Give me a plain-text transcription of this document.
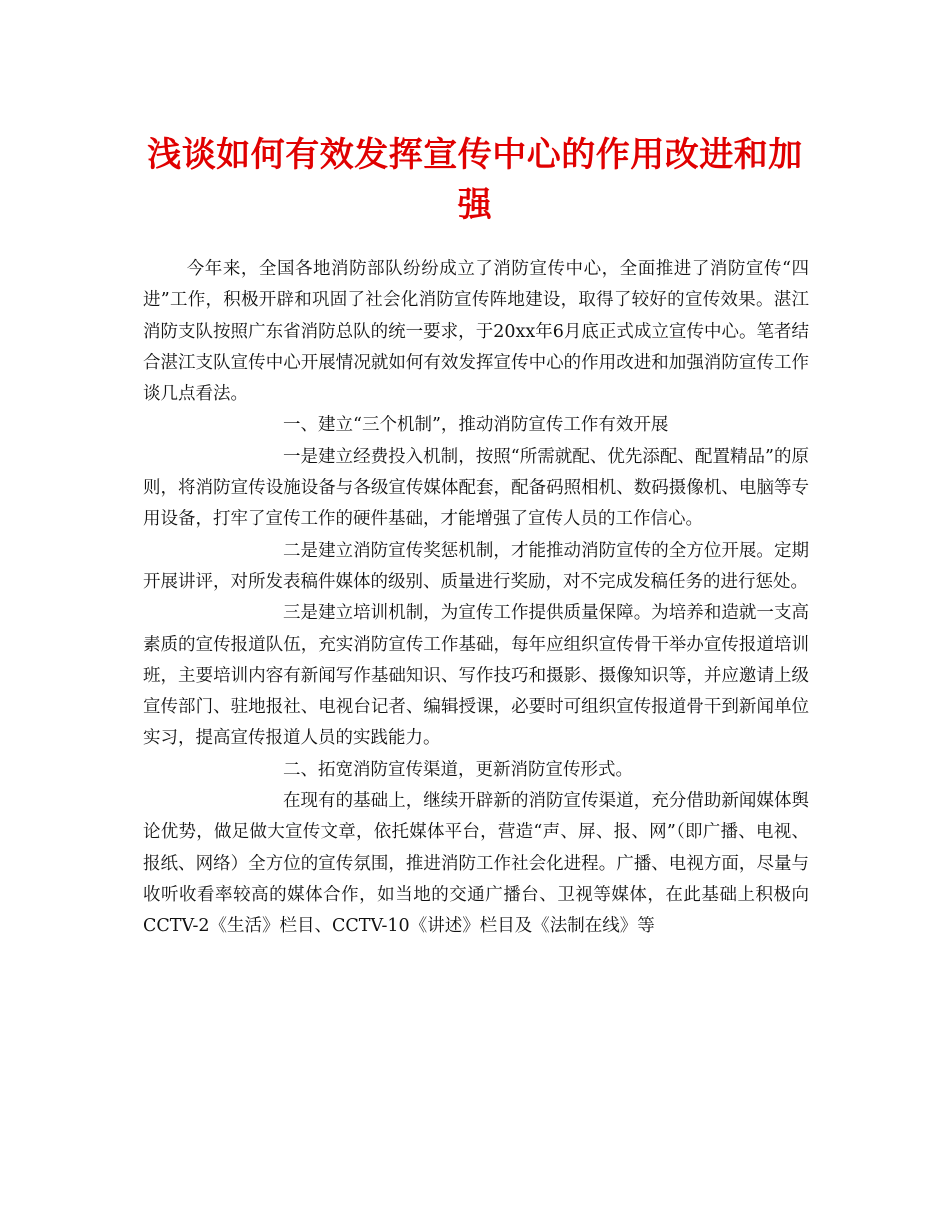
浅谈如何有效发挥宣传中心的作用改进和加强

今年来，全国各地消防部队纷纷成立了消防宣传中心，全面推进了消防宣传“四进”工作，积极开辟和巩固了社会化消防宣传阵地建设，取得了较好的宣传效果。湛江消防支队按照广东省消防总队的统一要求，于20xx年6月底正式成立宣传中心。笔者结合湛江支队宣传中心开展情况就如何有效发挥宣传中心的作用改进和加强消防宣传工作谈几点看法。

一、建立“三个机制”，推动消防宣传工作有效开展

一是建立经费投入机制，按照“所需就配、优先添配、配置精品”的原则，将消防宣传设施设备与各级宣传媒体配套，配备码照相机、数码摄像机、电脑等专用设备，打牢了宣传工作的硬件基础，才能增强了宣传人员的工作信心。

二是建立消防宣传奖惩机制，才能推动消防宣传的全方位开展。定期开展讲评，对所发表稿件媒体的级别、质量进行奖励，对不完成发稿任务的进行惩处。

三是建立培训机制，为宣传工作提供质量保障。为培养和造就一支高素质的宣传报道队伍，充实消防宣传工作基础，每年应组织宣传骨干举办宣传报道培训班，主要培训内容有新闻写作基础知识、写作技巧和摄影、摄像知识等，并应邀请上级宣传部门、驻地报社、电视台记者、编辑授课，必要时可组织宣传报道骨干到新闻单位实习，提高宣传报道人员的实践能力。

二、拓宽消防宣传渠道，更新消防宣传形式。

在现有的基础上，继续开辟新的消防宣传渠道，充分借助新闻媒体舆论优势，做足做大宣传文章，依托媒体平台，营造“声、屏、报、网”（即广播、电视、报纸、网络）全方位的宣传氛围，推进消防工作社会化进程。广播、电视方面，尽量与收听收看率较高的媒体合作，如当地的交通广播台、卫视等媒体，在此基础上积极向CCTV-2《生活》栏目、CCTV-10《讲述》栏目及《法制在线》等
